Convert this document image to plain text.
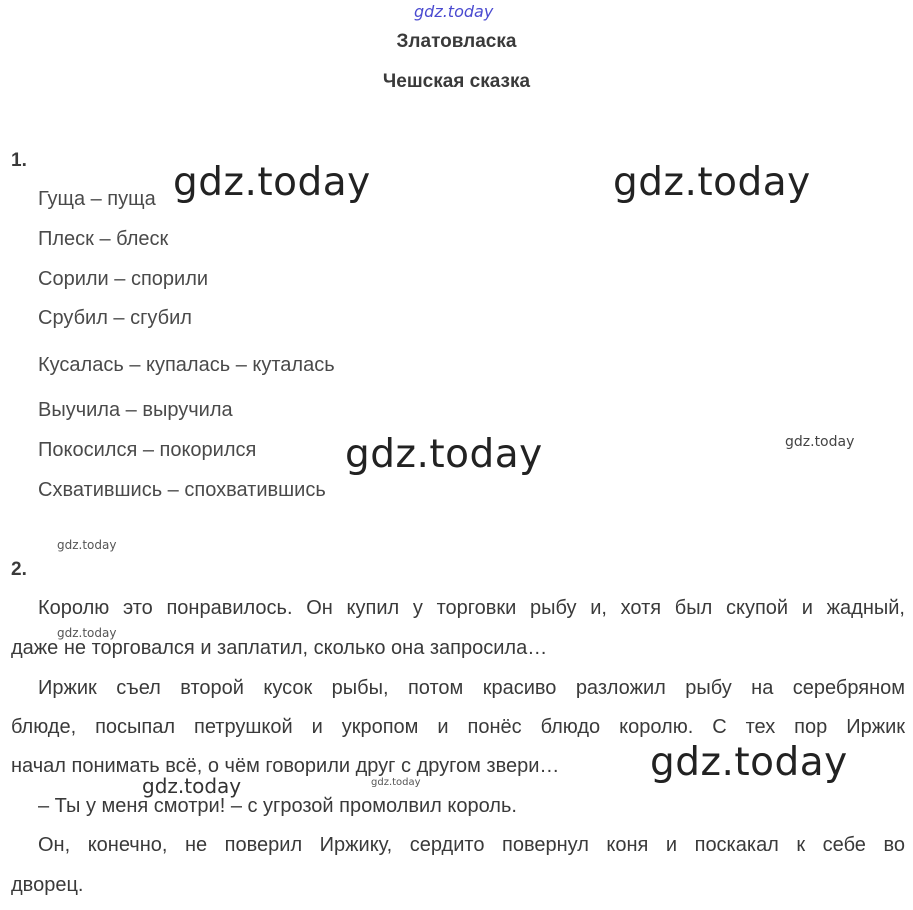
gdz.today
Златовласка
Чешская сказка
1.
Гуща – пуща
Плеск – блеск
Сорили – спорили
Срубил – сгубил
Кусалась – купалась – куталась
Выучила – выручила
Покосился – покорился
Схватившись – спохватившись
2.
Королю это понравилось. Он купил у торговки рыбу и, хотя был скупой и жадный,
даже не торговался и заплатил, сколько она запросила…
Иржик съел второй кусок рыбы, потом красиво разложил рыбу на серебряном
блюде, посыпал петрушкой и укропом и понёс блюдо королю. С тех пор Иржик
начал понимать всё, о чём говорили друг с другом звери…
– Ты у меня смотри! – с угрозой промолвил король.
Он, конечно, не поверил Иржику, сердито повернул коня и поскакал к себе во
дворец.
gdz.today	gdz.today
gdz.today
gdz.today
gdz.today
gdz.today
gdz.today
gdz.today	gdz.today
